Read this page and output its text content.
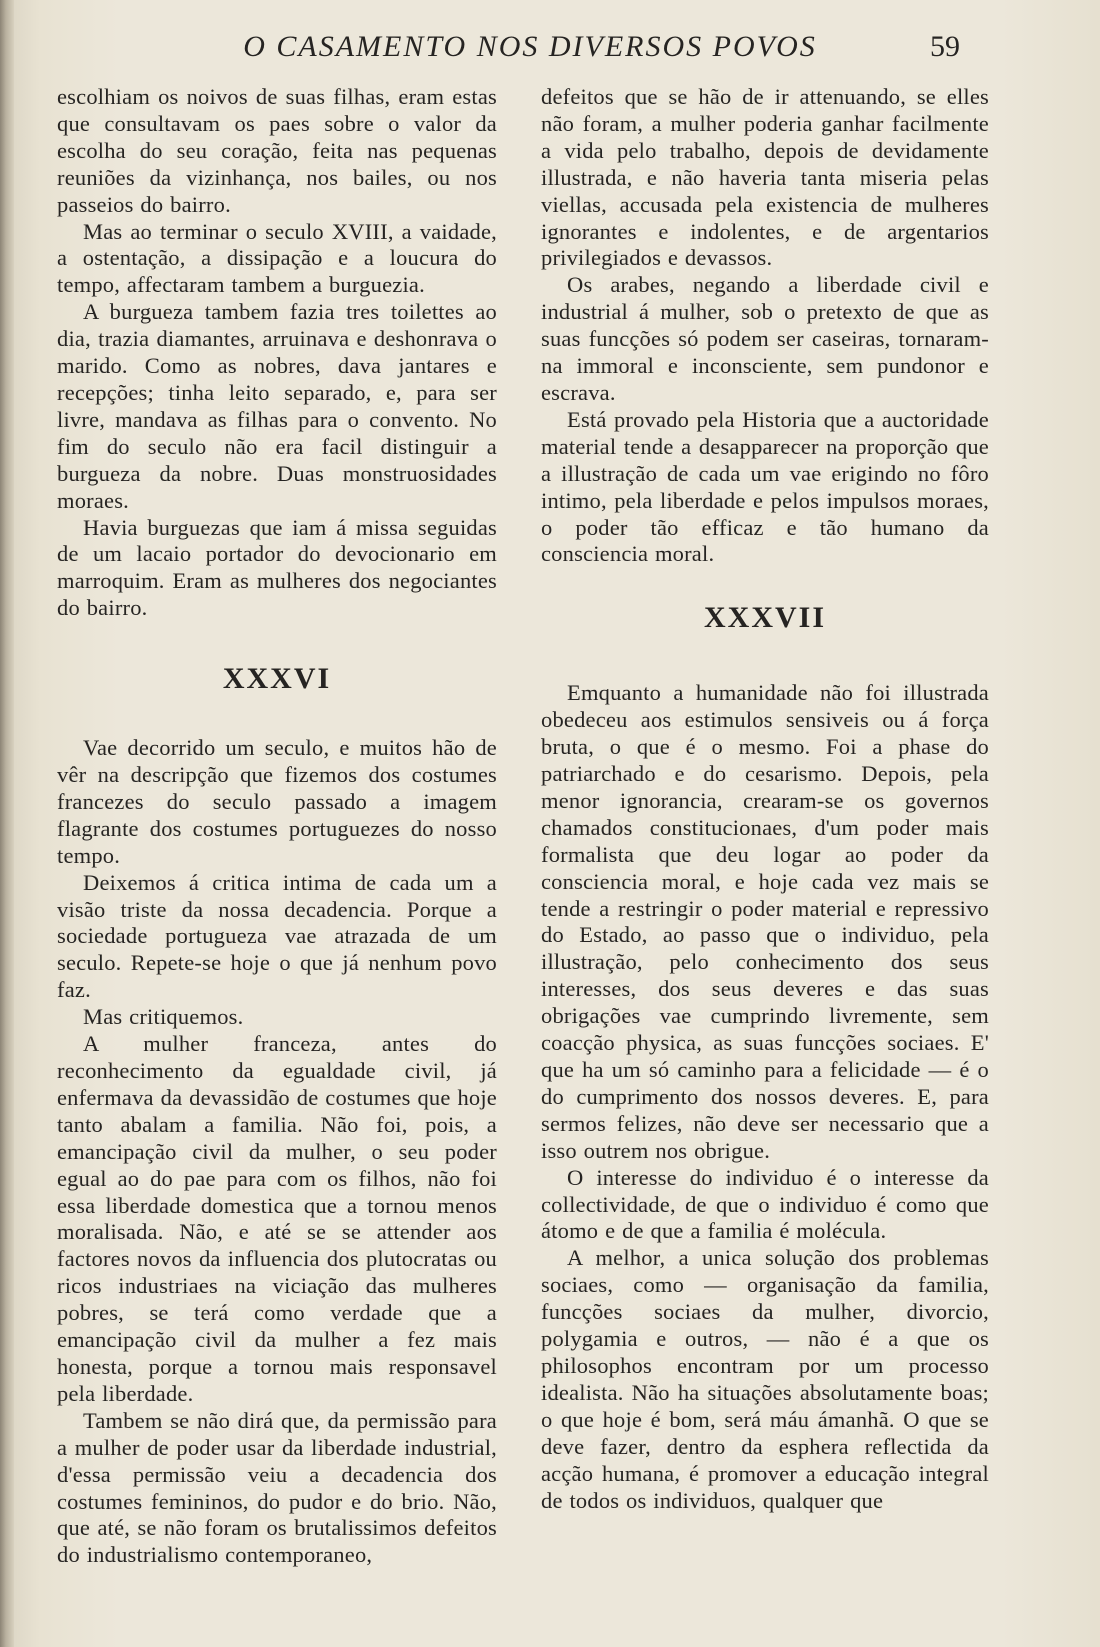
O CASAMENTO NOS DIVERSOS POVOS	59

escolhiam os noivos de suas filhas, eram estas que consultavam os paes sobre o valor da escolha do seu coração, feita nas pequenas reuniões da vizinhança, nos bailes, ou nos passeios do bairro.

Mas ao terminar o seculo XVIII, a vaidade, a ostentação, a dissipação e a loucura do tempo, affectaram tambem a burguezia.

A burgueza tambem fazia tres toilettes ao dia, trazia diamantes, arruinava e deshonrava o marido. Como as nobres, dava jantares e recepções; tinha leito separado, e, para ser livre, mandava as filhas para o convento. No fim do seculo não era facil distinguir a burgueza da nobre. Duas monstruosidades moraes.

Havia burguezas que iam á missa seguidas de um lacaio portador do devocionario em marroquim. Eram as mulheres dos negociantes do bairro.

XXXVI

Vae decorrido um seculo, e muitos hão de vêr na descripção que fizemos dos costumes francezes do seculo passado a imagem flagrante dos costumes portuguezes do nosso tempo.

Deixemos á critica intima de cada um a visão triste da nossa decadencia. Porque a sociedade portugueza vae atrazada de um seculo. Repete-se hoje o que já nenhum povo faz.

Mas critiquemos.

A mulher franceza, antes do reconhecimento da egualdade civil, já enfermava da devassidão de costumes que hoje tanto abalam a familia. Não foi, pois, a emancipação civil da mulher, o seu poder egual ao do pae para com os filhos, não foi essa liberdade domestica que a tornou menos moralisada. Não, e até se se attender aos factores novos da influencia dos plutocratas ou ricos industriaes na viciação das mulheres pobres, se terá como verdade que a emancipação civil da mulher a fez mais honesta, porque a tornou mais responsavel pela liberdade.

Tambem se não dirá que, da permissão para a mulher de poder usar da liberdade industrial, d'essa permissão veiu a decadencia dos costumes femininos, do pudor e do brio. Não, que até, se não foram os brutalissimos defeitos do industrialismo contemporaneo,

defeitos que se hão de ir attenuando, se elles não foram, a mulher poderia ganhar facilmente a vida pelo trabalho, depois de devidamente illustrada, e não haveria tanta miseria pelas viellas, accusada pela existencia de mulheres ignorantes e indolentes, e de argentarios privilegiados e devassos.

Os arabes, negando a liberdade civil e industrial á mulher, sob o pretexto de que as suas funcções só podem ser caseiras, tornaram-na immoral e inconsciente, sem pundonor e escrava.

Está provado pela Historia que a auctoridade material tende a desapparecer na proporção que a illustração de cada um vae erigindo no fôro intimo, pela liberdade e pelos impulsos moraes, o poder tão efficaz e tão humano da consciencia moral.

XXXVII

Emquanto a humanidade não foi illustrada obedeceu aos estimulos sensiveis ou á força bruta, o que é o mesmo. Foi a phase do patriarchado e do cesarismo. Depois, pela menor ignorancia, crearam-se os governos chamados constitucionaes, d'um poder mais formalista que deu logar ao poder da consciencia moral, e hoje cada vez mais se tende a restringir o poder material e repressivo do Estado, ao passo que o individuo, pela illustração, pelo conhecimento dos seus interesses, dos seus deveres e das suas obrigações vae cumprindo livremente, sem coacção physica, as suas funcções sociaes. E' que ha um só caminho para a felicidade — é o do cumprimento dos nossos deveres. E, para sermos felizes, não deve ser necessario que a isso outrem nos obrigue.

O interesse do individuo é o interesse da collectividade, de que o individuo é como que átomo e de que a familia é molécula.

A melhor, a unica solução dos problemas sociaes, como — organisação da familia, funcções sociaes da mulher, divorcio, polygamia e outros, — não é a que os philosophos encontram por um processo idealista. Não ha situações absolutamente boas; o que hoje é bom, será máu ámanhã. O que se deve fazer, dentro da esphera reflectida da acção humana, é promover a educação integral de todos os individuos, qualquer que
